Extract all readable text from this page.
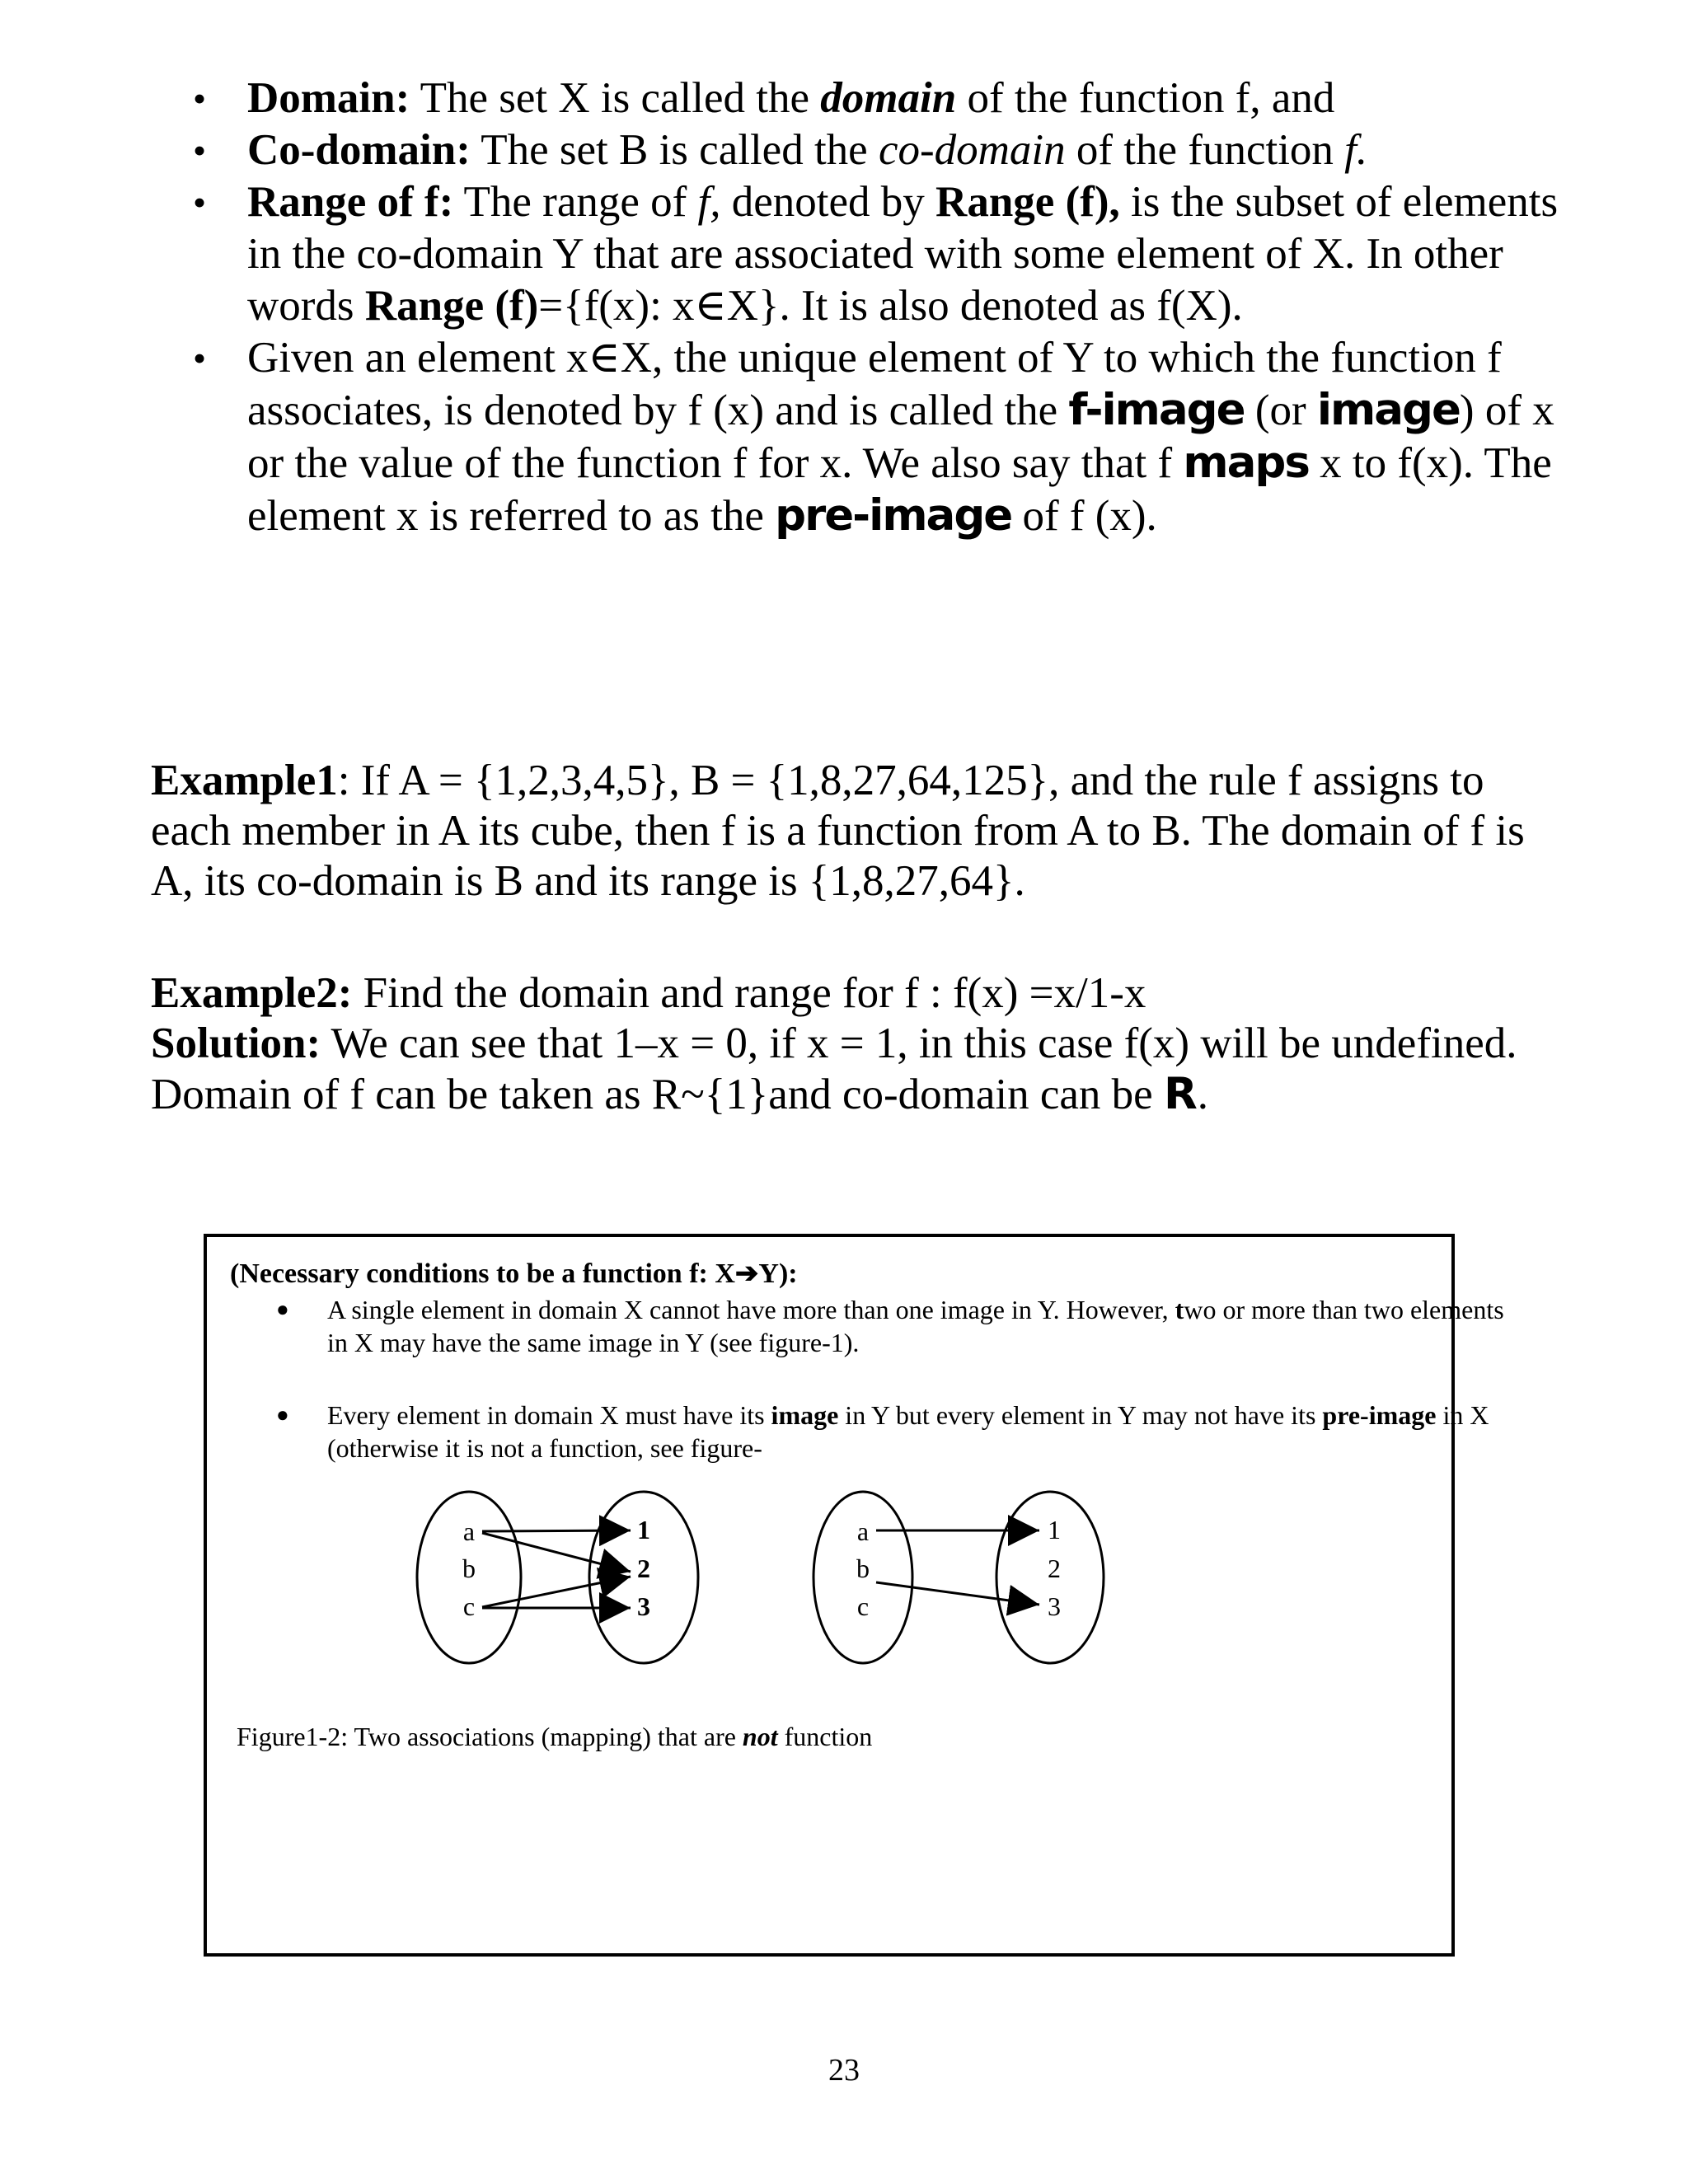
• Domain: The set X is called the domain of the function f, and
• Co-domain: The set B is called the co-domain of the function f.
• Range of f: The range of f, denoted by Range (f), is the subset of elements in the co-domain Y that are associated with some element of X. In other words Range (f)={f(x): x∈X}. It is also denoted as f(X).
• Given an element x∈X, the unique element of Y to which the function f associates, is denoted by f (x) and is called the f-image (or image) of x or the value of the function f for x. We also say that f maps x to f(x). The element x is referred to as the pre-image of f (x).
Example1: If A = {1,2,3,4,5}, B = {1,8,27,64,125}, and the rule f assigns to each member in A its cube, then f is a function from A to B. The domain of f is A, its co-domain is B and its range is {1,8,27,64}.
Example2: Find the domain and range for f : f(x) =x/1-x
Solution: We can see that 1–x = 0, if x = 1, in this case f(x) will be undefined.
Domain of f can be taken as R~{1}and co-domain can be R.
(Necessary conditions to be a function f: X➔Y):
● A single element in domain X cannot have more than one image in Y. However, two or more than two elements in X may have the same image in Y (see figure-1).
● Every element in domain X must have its image in Y but every element in Y may not have its pre-image in X (otherwise it is not a function, see figure-
a
b
c
1
2
3
a
b
c
1
2
3
Figure1-2: Two associations (mapping) that are not function
23
